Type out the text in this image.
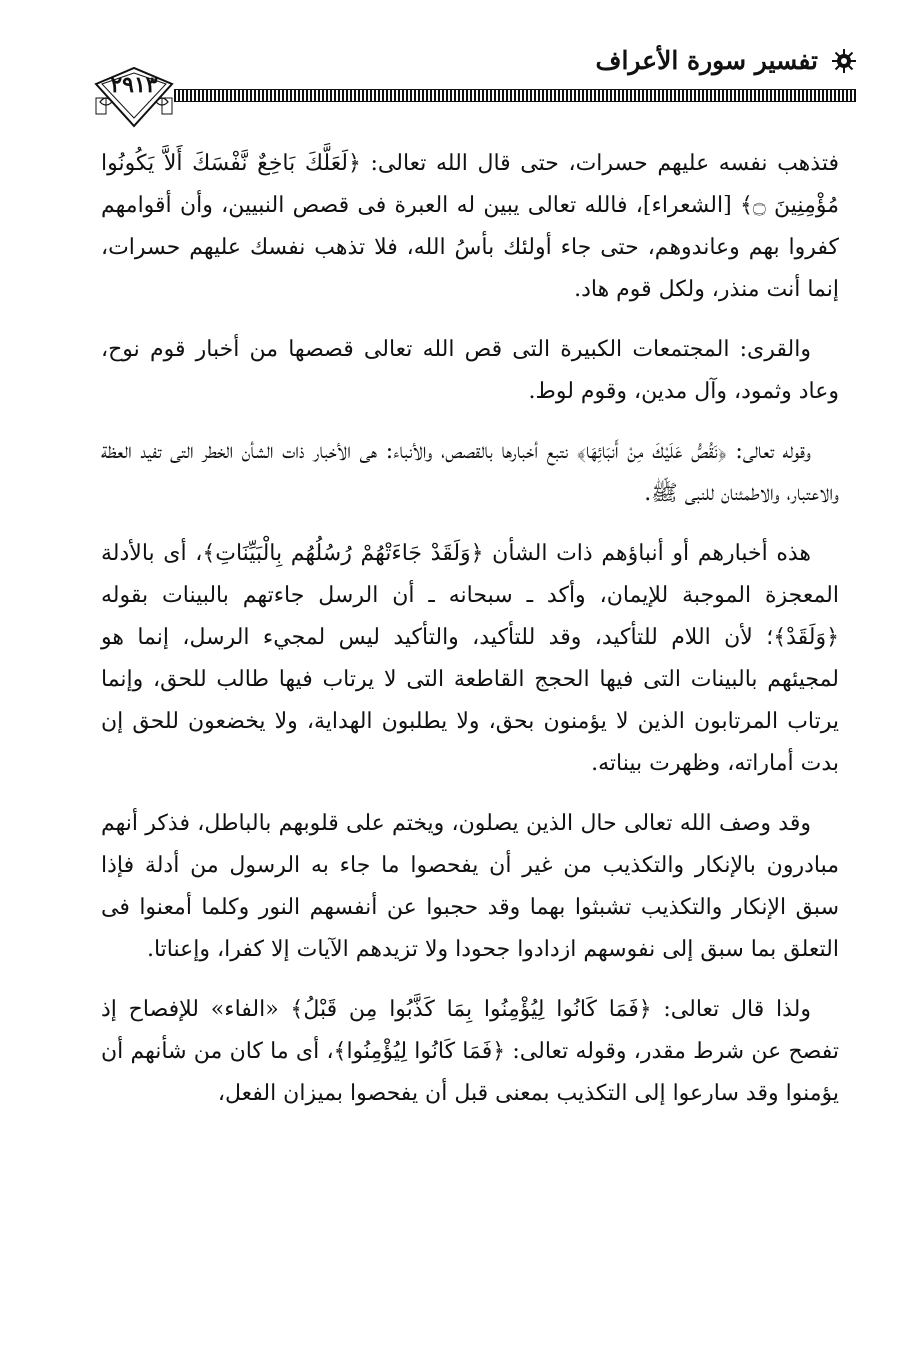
تفسير سورة الأعراف
٢٩١٣

فتذهب نفسه عليهم حسرات، حتى قال الله تعالى: ﴿لَعَلَّكَ بَاخِعٌ نَّفْسَكَ أَلاَّ يَكُونُوا مُؤْمِنِينَ ۝﴾ [الشعراء]، فالله تعالى يبين له العبرة فى قصص النبيين، وأن أقوامهم كفروا بهم وعاندوهم، حتى جاء أولئك بأسُ الله، فلا تذهب نفسك عليهم حسرات، إنما أنت منذر، ولكل قوم هاد.

والقرى: المجتمعات الكبيرة التى قص الله تعالى قصصها من أخبار قوم نوح، وعاد وثمود، وآل مدين، وقوم لوط.

وقوله تعالى: ﴿نَقُصُّ عَلَيْكَ مِنْ أَنبَائِهَا﴾ نتبع أخبارها بالقصص، والأنباء: هى الأخبار ذات الشأن الخطر التى تفيد العظة والاعتبار، والاطمئنان للنبى ﷺ.

هذه أخبارهم أو أنباؤهم ذات الشأن ﴿وَلَقَدْ جَاءَتْهُمْ رُسُلُهُم بِالْبَيِّنَاتِ﴾، أى بالأدلة المعجزة الموجبة للإيمان، وأكد ـ سبحانه ـ أن الرسل جاءتهم بالبينات بقوله ﴿وَلَقَدْ﴾؛ لأن اللام للتأكيد، وقد للتأكيد، والتأكيد ليس لمجيء الرسل، إنما هو لمجيئهم بالبينات التى فيها الحجج القاطعة التى لا يرتاب فيها طالب للحق، وإنما يرتاب المرتابون الذين لا يؤمنون بحق، ولا يطلبون الهداية، ولا يخضعون للحق إن بدت أماراته، وظهرت بيناته.

وقد وصف الله تعالى حال الذين يصلون، ويختم على قلوبهم بالباطل، فذكر أنهم مبادرون بالإنكار والتكذيب من غير أن يفحصوا ما جاء به الرسول من أدلة فإذا سبق الإنكار والتكذيب تشبثوا بهما وقد حجبوا عن أنفسهم النور وكلما أمعنوا فى التعلق بما سبق إلى نفوسهم ازدادوا جحودا ولا تزيدهم الآيات إلا كفرا، وإعناتا.

ولذا قال تعالى: ﴿فَمَا كَانُوا لِيُؤْمِنُوا بِمَا كَذَّبُوا مِن قَبْلُ﴾ «الفاء» للإفصاح إذ تفصح عن شرط مقدر، وقوله تعالى: ﴿فَمَا كَانُوا لِيُؤْمِنُوا﴾، أى ما كان من شأنهم أن يؤمنوا وقد سارعوا إلى التكذيب بمعنى قبل أن يفحصوا بميزان الفعل،
